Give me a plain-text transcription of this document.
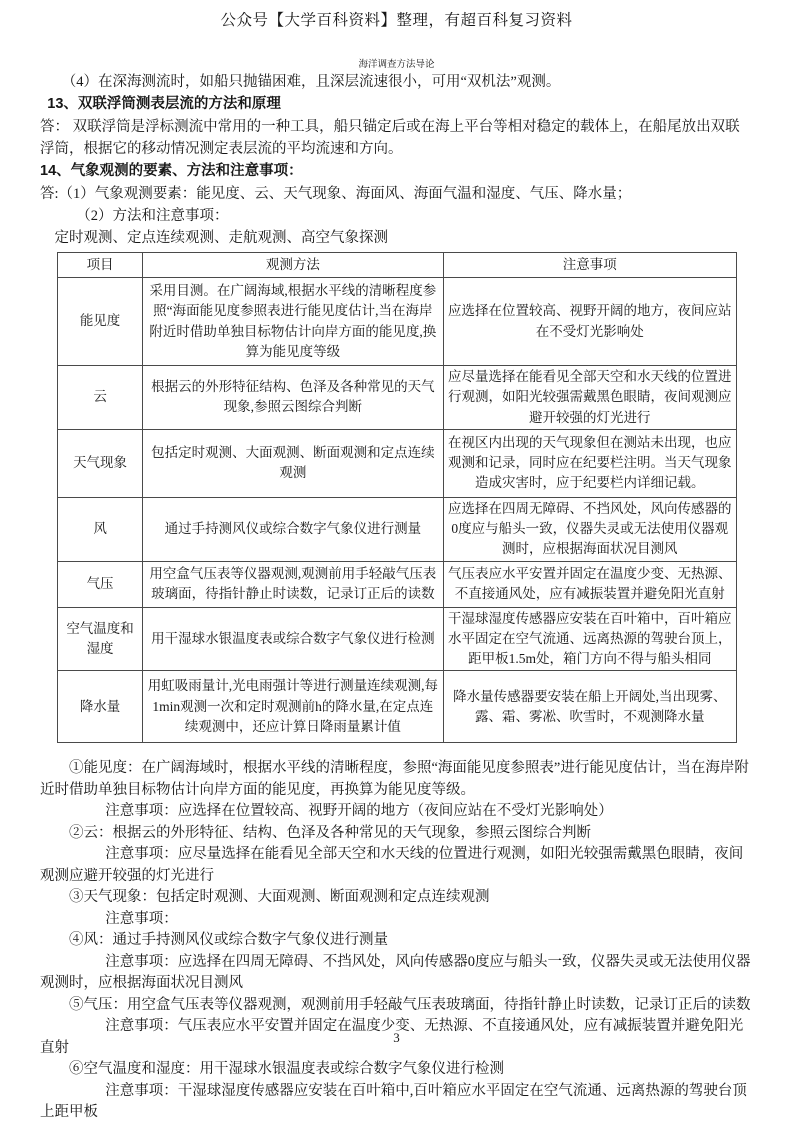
公众号【大学百科资料】整理，有超百科复习资料

海洋调查方法导论

（4）在深海测流时，如船只抛锚困难，且深层流速很小，可用“双机法”观测。

13、双联浮筒测表层流的方法和原理

答： 双联浮筒是浮标测流中常用的一种工具，船只锚定后或在海上平台等相对稳定的载体上，在船尾放出双联浮筒，根据它的移动情况测定表层流的平均流速和方向。

14、气象观测的要素、方法和注意事项：

答:（1）气象观测要素：能见度、云、天气现象、海面风、海面气温和湿度、气压、降水量；

（2）方法和注意事项：

定时观测、定点连续观测、走航观测、高空气象探测

项目	观测方法	注意事项
能见度	采用目测。在广阔海域,根据水平线的清晰程度参照“海面能见度参照表进行能见度估计,当在海岸附近时借助单独目标物估计向岸方面的能见度,换算为能见度等级	应选择在位置较高、视野开阔的地方，夜间应站在不受灯光影响处
云	根据云的外形特征结构、色泽及各种常见的天气现象,参照云图综合判断	应尽量选择在能看见全部天空和水天线的位置进行观测，如阳光较强需戴黑色眼睛，夜间观测应避开较强的灯光进行
天气现象	包括定时观测、大面观测、断面观测和定点连续观测	在视区内出现的天气现象但在测站未出现，也应观测和记录，同时应在纪要栏注明。当天气现象造成灾害时，应于纪要栏内详细记载。
风	通过手持测风仪或综合数字气象仪进行测量	应选择在四周无障碍、不挡风处，风向传感器的0度应与船头一致，仪器失灵或无法使用仪器观测时，应根据海面状况目测风
气压	用空盒气压表等仪器观测,观测前用手轻敲气压表玻璃面，待指针静止时读数，记录订正后的读数	气压表应水平安置并固定在温度少变、无热源、不直接通风处，应有减振装置并避免阳光直射
空气温度和湿度	用干湿球水银温度表或综合数字气象仪进行检测	干湿球湿度传感器应安装在百叶箱中，百叶箱应水平固定在空气流通、远离热源的驾驶台顶上，距甲板1.5m处，箱门方向不得与船头相同
降水量	用虹吸雨量计,光电雨强计等进行测量连续观测,每1min观测一次和定时观测前h的降水量,在定点连续观测中，还应计算日降雨量累计值	降水量传感器要安装在船上开阔处,当出现雾、露、霜、雾凇、吹雪时，不观测降水量

①能见度：在广阔海域时，根据水平线的清晰程度，参照“海面能见度参照表”进行能见度估计，当在海岸附近时借助单独目标物估计向岸方面的能见度，再换算为能见度等级。

注意事项：应选择在位置较高、视野开阔的地方（夜间应站在不受灯光影响处）

②云：根据云的外形特征、结构、色泽及各种常见的天气现象，参照云图综合判断

注意事项：应尽量选择在能看见全部天空和水天线的位置进行观测，如阳光较强需戴黑色眼睛，夜间观测应避开较强的灯光进行

③天气现象：包括定时观测、大面观测、断面观测和定点连续观测

注意事项：

④风：通过手持测风仪或综合数字气象仪进行测量

注意事项：应选择在四周无障碍、不挡风处，风向传感器0度应与船头一致，仪器失灵或无法使用仪器观测时，应根据海面状况目测风

⑤气压：用空盒气压表等仪器观测，观测前用手轻敲气压表玻璃面，待指针静止时读数，记录订正后的读数

注意事项：气压表应水平安置并固定在温度少变、无热源、不直接通风处，应有减振装置并避免阳光直射

⑥空气温度和湿度：用干湿球水银温度表或综合数字气象仪进行检测

注意事项：干湿球湿度传感器应安装在百叶箱中,百叶箱应水平固定在空气流通、远离热源的驾驶台顶上距甲板

3
